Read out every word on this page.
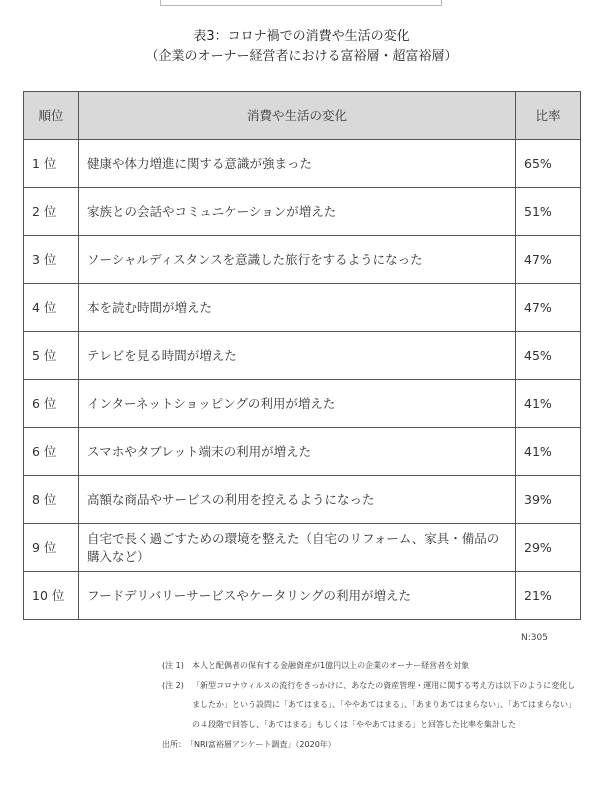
表3：コロナ禍での消費や生活の変化
（企業のオーナー経営者における富裕層・超富裕層）
順位	消費や生活の変化	比率
1 位	健康や体力増進に関する意識が強まった	65%
2 位	家族との会話やコミュニケーションが増えた	51%
3 位	ソーシャルディスタンスを意識した旅行をするようになった	47%
4 位	本を読む時間が増えた	47%
5 位	テレビを見る時間が増えた	45%
6 位	インターネットショッピングの利用が増えた	41%
6 位	スマホやタブレット端末の利用が増えた	41%
8 位	高額な商品やサービスの利用を控えるようになった	39%
9 位	自宅で長く過ごすための環境を整えた（自宅のリフォーム、家具・備品の購入など）	29%
10 位	フードデリバリーサービスやケータリングの利用が増えた	21%
N:305
(注 1)	本人と配偶者の保有する金融資産が1億円以上の企業のオーナー経営者を対象
(注 2)	「新型コロナウィルスの流行をきっかけに、あなたの資産管理・運用に関する考え方は以下のように変化しましたか」という設問に「あてはまる」、「ややあてはまる」、「あまりあてはまらない」、「あてはまらない」の４段階で回答し、「あてはまる」もしくは「ややあてはまる」と回答した比率を集計した
出所： 「NRI富裕層アンケート調査」（2020年）
